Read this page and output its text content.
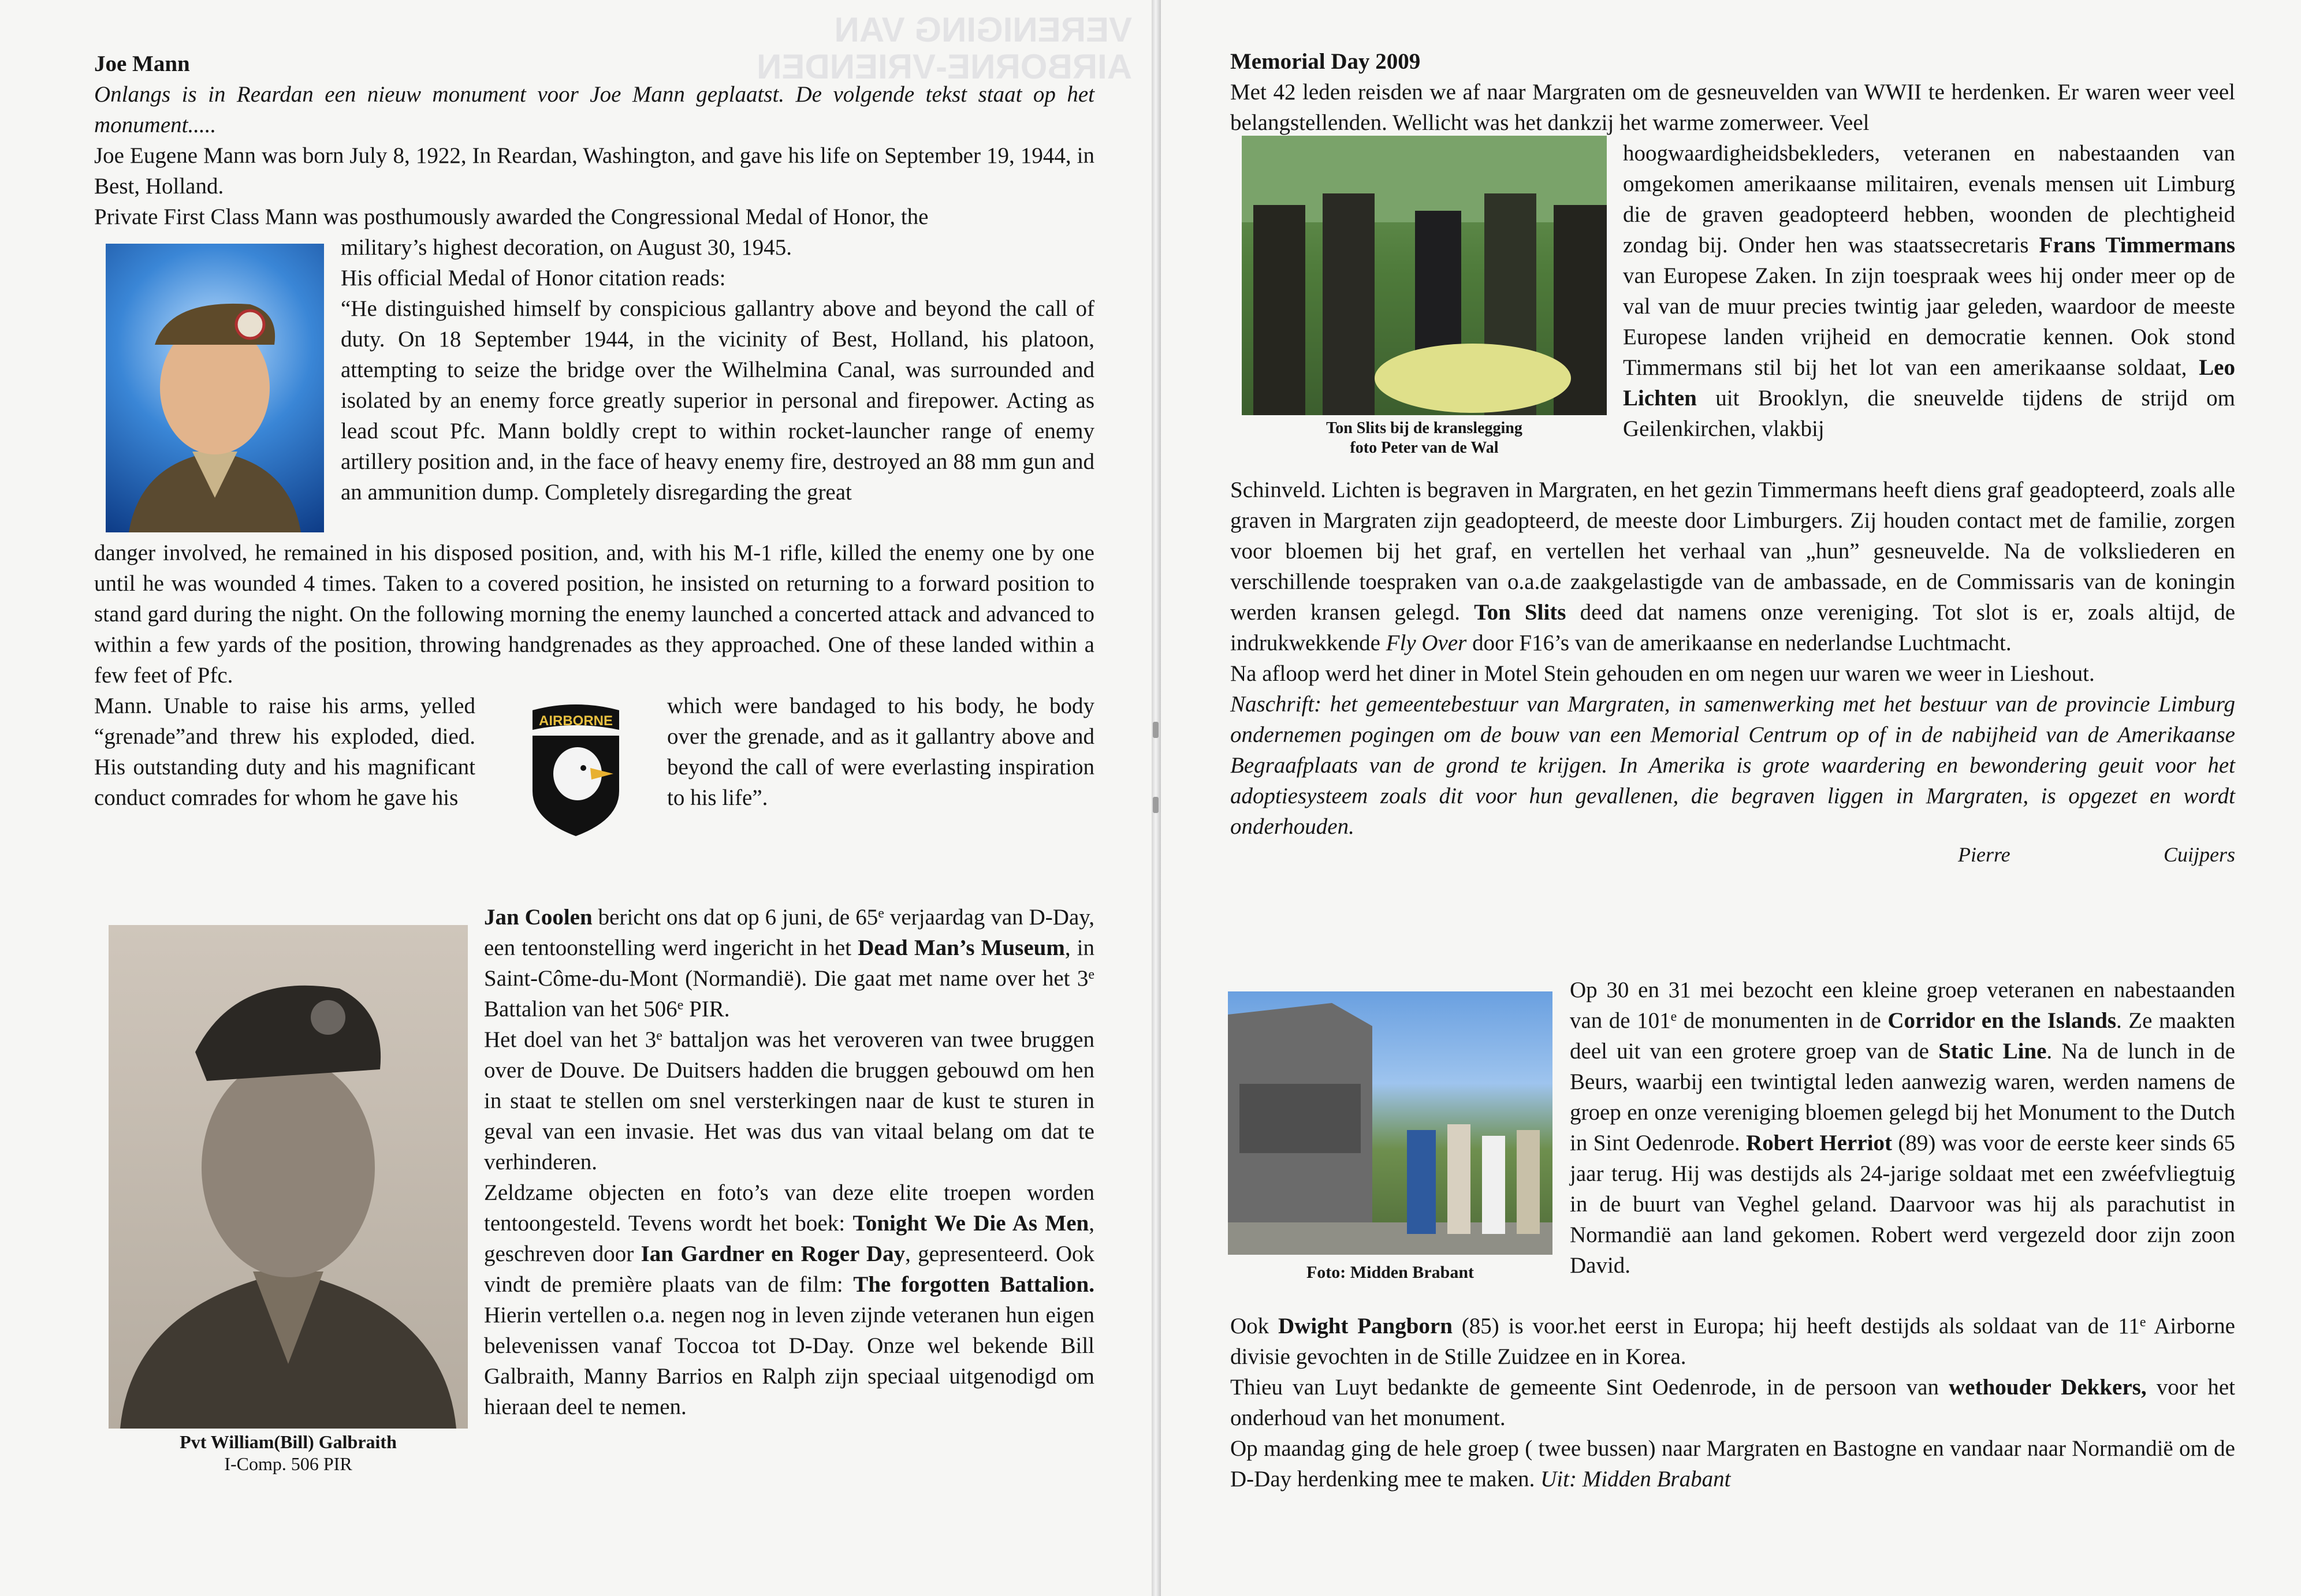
VERENIGING VAN
AIRBORNE-VRIENDEN

Joe Mann

Onlangs is in Reardan een nieuw monument voor Joe Mann geplaatst. De volgende tekst staat op het monument.....

Joe Eugene Mann was born July 8, 1922, In Reardan, Washington, and gave his life on September 19, 1944, in Best, Holland.

Private First Class Mann was posthumously awarded the Congressional Medal of Honor, the

military’s highest decoration, on August 30, 1945.

His official Medal of Honor citation reads:

“He distinguished himself by conspicious gallantry above and beyond the call of duty. On 18 September 1944, in the vicinity of Best, Holland, his platoon, attempting to seize the bridge over the Wilhelmina Canal, was surrounded and isolated by an enemy force greatly superior in personal and firepower. Acting as lead scout Pfc. Mann boldly crept to within rocket-launcher range of enemy artillery position and, in the face of heavy enemy fire, destroyed an 88 mm gun and an ammunition dump. Completely disregarding the great

danger involved, he remained in his disposed position, and, with his M-1 rifle, killed the enemy one by one until he was wounded 4 times. Taken to a covered position, he insisted on returning to a forward position to stand gard during the night. On the following morning the enemy launched a concerted attack and advanced to within a few yards of the position, throwing handgrenades as they approached. One of these landed within a few feet of Pfc.

Mann. Unable to raise his arms, yelled “grenade”and threw his exploded, died. His outstanding duty and his magnificant conduct comrades for whom he gave his

AIRBORNE

which were bandaged to his body, he body over the grenade, and as it gallantry above and beyond the call of were everlasting inspiration to his life”.

Pvt William(Bill) Galbraith
I-Comp. 506 PIR

Jan Coolen bericht ons dat op 6 juni, de 65e verjaardag van D-Day, een tentoonstelling werd ingericht in het Dead Man’s Museum, in Saint-Côme-du-Mont (Normandië). Die gaat met name over het 3e Battalion van het 506e PIR.

Het doel van het 3e battaljon was het veroveren van twee bruggen over de Douve. De Duitsers hadden die bruggen gebouwd om hen in staat te stellen om snel versterkingen naar de kust te sturen in geval van een invasie. Het was dus van vitaal belang om dat te verhinderen.

Zeldzame objecten en foto’s van deze elite troepen worden tentoongesteld. Tevens wordt het boek: Tonight We Die As Men, geschreven door Ian Gardner en Roger Day, gepresenteerd. Ook vindt de première plaats van de film: The forgotten Battalion. Hierin vertellen o.a. negen nog in leven zijnde veteranen hun eigen belevenissen vanaf Toccoa tot D-Day. Onze wel bekende Bill Galbraith, Manny Barrios en Ralph zijn speciaal uitgenodigd om hieraan deel te nemen.

Memorial Day 2009

Met 42 leden reisden we af naar Margraten om de gesneuvelden van WWII te herdenken. Er waren weer veel belangstellenden. Wellicht was het dankzij het warme zomerweer. Veel

Ton Slits bij de kranslegging
foto Peter van de Wal

hoogwaardigheidsbekleders, veteranen en nabestaanden van omgekomen amerikaanse militairen, evenals mensen uit Limburg die de graven geadopteerd hebben, woonden de plechtigheid zondag bij. Onder hen was staatssecretaris Frans Timmermans van Europese Zaken. In zijn toespraak wees hij onder meer op de val van de muur precies twintig jaar geleden, waardoor de meeste Europese landen vrijheid en democratie kennen. Ook stond Timmermans stil bij het lot van een amerikaanse soldaat, Leo Lichten uit Brooklyn, die sneuvelde tijdens de strijd om Geilenkirchen, vlakbij

Schinveld. Lichten is begraven in Margraten, en het gezin Timmermans heeft diens graf geadopteerd, zoals alle graven in Margraten zijn geadopteerd, de meeste door Limburgers. Zij houden contact met de familie, zorgen voor bloemen bij het graf, en vertellen het verhaal van „hun” gesneuvelde. Na de volksliederen en verschillende toespraken van o.a.de zaakgelastigde van de ambassade, en de Commissaris van de koningin werden kransen gelegd. Ton Slits deed dat namens onze vereniging. Tot slot is er, zoals altijd, de indrukwekkende Fly Over door F16’s van de amerikaanse en nederlandse Luchtmacht.

Na afloop werd het diner in Motel Stein gehouden en om negen uur waren we weer in Lieshout.

Naschrift: het gemeentebestuur van Margraten, in samenwerking met het bestuur van de provincie Limburg ondernemen pogingen om de bouw van een Memorial Centrum op of in de nabijheid van de Amerikaanse Begraafplaats van de grond te krijgen. In Amerika is grote waardering en bewondering geuit voor het adoptiesysteem zoals dit voor hun gevallenen, die begraven liggen in Margraten, is opgezet en wordt onderhouden.

Pierre	Cuijpers
Foto: Midden Brabant

Op 30 en 31 mei bezocht een kleine groep veteranen en nabestaanden van de 101e de monumenten in de Corridor en the Islands. Ze maakten deel uit van een grotere groep van de Static Line. Na de lunch in de Beurs, waarbij een twintigtal leden aanwezig waren, werden namens de groep en onze vereniging bloemen gelegd bij het Monument to the Dutch in Sint Oedenrode. Robert Herriot (89) was voor de eerste keer sinds 65 jaar terug. Hij was destijds als 24-jarige soldaat met een zwéefvliegtuig in de buurt van Veghel geland. Daarvoor was hij als parachutist in Normandië aan land gekomen. Robert werd vergezeld door zijn zoon David.

Ook Dwight Pangborn (85) is voor.het eerst in Europa; hij heeft destijds als soldaat van de 11e Airborne divisie gevochten in de Stille Zuidzee en in Korea.

Thieu van Luyt bedankte de gemeente Sint Oedenrode, in de persoon van wethouder Dekkers, voor het onderhoud van het monument.

Op maandag ging de hele groep ( twee bussen) naar Margraten en Bastogne en vandaar naar Normandië om de D-Day herdenking mee te maken. Uit: Midden Brabant
